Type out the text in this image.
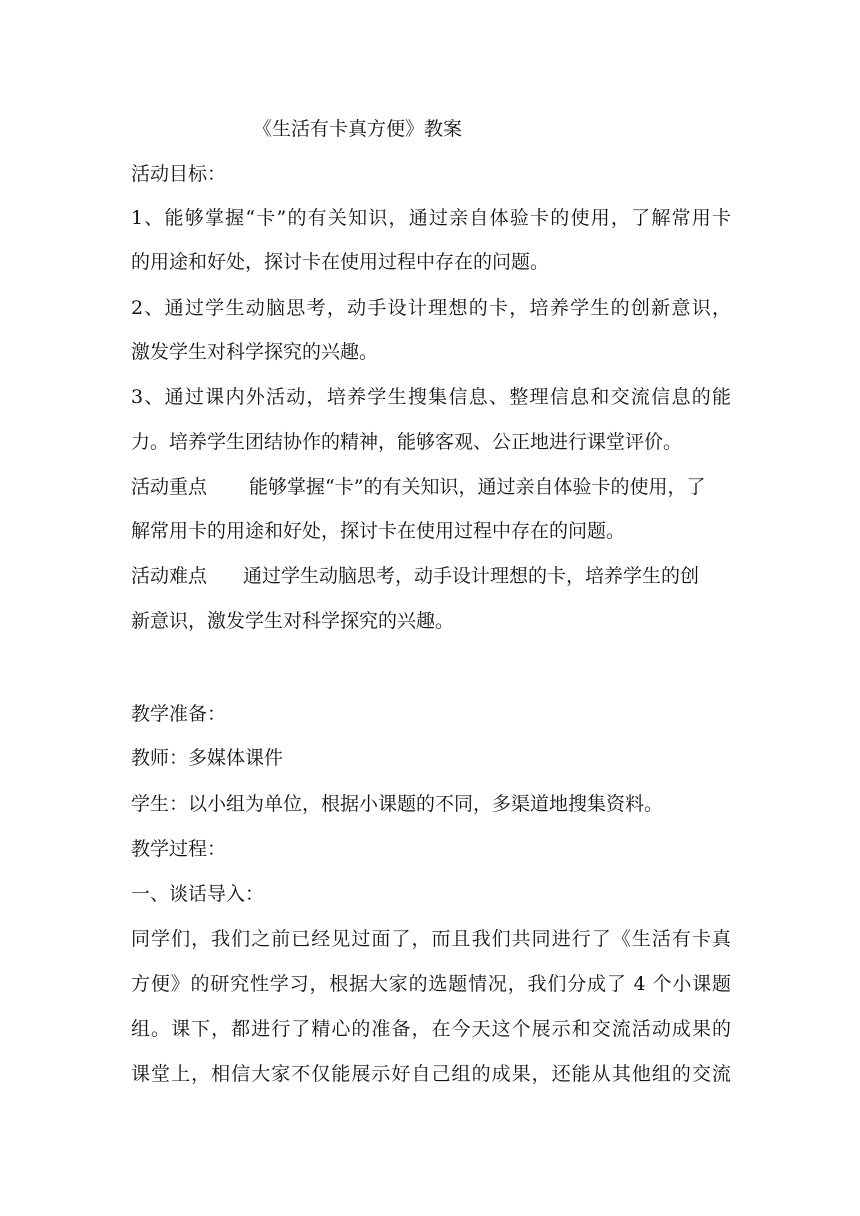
《生活有卡真方便》教案
活动目标：
1、能够掌握“卡”的有关知识，通过亲自体验卡的使用，了解常用卡
的用途和好处，探讨卡在使用过程中存在的问题。
2、通过学生动脑思考，动手设计理想的卡，培养学生的创新意识，
激发学生对科学探究的兴趣。
3、通过课内外活动，培养学生搜集信息、整理信息和交流信息的能
力。培养学生团结协作的精神，能够客观、公正地进行课堂评价。
活动重点 能够掌握“卡”的有关知识，通过亲自体验卡的使用，了
解常用卡的用途和好处，探讨卡在使用过程中存在的问题。
活动难点 通过学生动脑思考，动手设计理想的卡，培养学生的创
新意识，激发学生对科学探究的兴趣。
教学准备：
教师：多媒体课件
学生：以小组为单位，根据小课题的不同，多渠道地搜集资料。
教学过程：
一、谈话导入：
同学们，我们之前已经见过面了，而且我们共同进行了《生活有卡真
方便》的研究性学习，根据大家的选题情况，我们分成了 4 个小课题
组。课下，都进行了精心的准备，在今天这个展示和交流活动成果的
课堂上，相信大家不仅能展示好自己组的成果，还能从其他组的交流
